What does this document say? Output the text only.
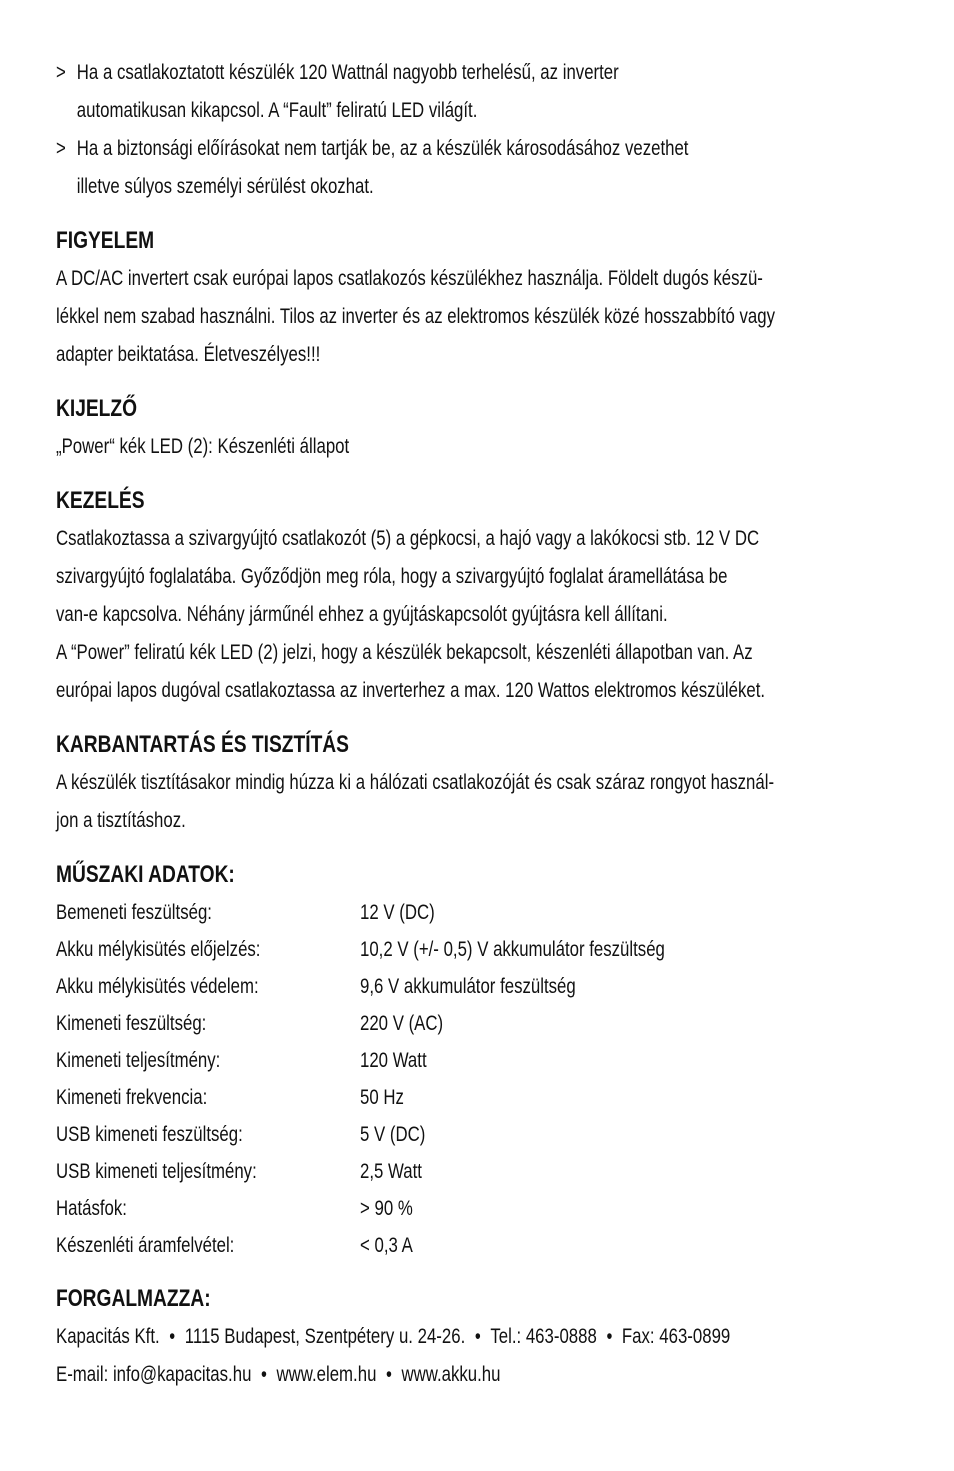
> Ha a csatlakoztatott készülék 120 Wattnál nagyobb terhelésű, az inverter
automatikusan kikapcsol. A “Fault” feliratú LED világít.
> Ha a biztonsági előírásokat nem tartják be, az a készülék károsodásához vezethet
illetve súlyos személyi sérülést okozhat.
FIGYELEM
A DC/AC invertert csak európai lapos csatlakozós készülékhez használja. Földelt dugós készü-
lékkel nem szabad használni. Tilos az inverter és az elektromos készülék közé hosszabbító vagy
adapter beiktatása. Életveszélyes!!!
KIJELZŐ
„Power“ kék LED (2): Készenléti állapot
KEZELÉS
Csatlakoztassa a szivargyújtó csatlakozót (5) a gépkocsi, a hajó vagy a lakókocsi stb. 12 V DC
szivargyújtó foglalatába. Győződjön meg róla, hogy a szivargyújtó foglalat áramellátása be
van-e kapcsolva. Néhány járműnél ehhez a gyújtáskapcsolót gyújtásra kell állítani.
A “Power” feliratú kék LED (2) jelzi, hogy a készülék bekapcsolt, készenléti állapotban van. Az
európai lapos dugóval csatlakoztassa az inverterhez a max. 120 Wattos elektromos készüléket.
KARBANTARTÁS ÉS TISZTÍTÁS
A készülék tisztításakor mindig húzza ki a hálózati csatlakozóját és csak száraz rongyot használ-
jon a tisztításhoz.
MŰSZAKI ADATOK:
Bemeneti feszültség:	12 V (DC)
Akku mélykisütés előjelzés:	10,2 V (+/- 0,5) V akkumulátor feszültség
Akku mélykisütés védelem:	9,6 V akkumulátor feszültség
Kimeneti feszültség:	220 V (AC)
Kimeneti teljesítmény:	120 Watt
Kimeneti frekvencia:	50 Hz
USB kimeneti feszültség:	5 V (DC)
USB kimeneti teljesítmény:	2,5 Watt
Hatásfok:	> 90 %
Készenléti áramfelvétel:	< 0,3 A
FORGALMAZZA:
Kapacitás Kft. • 1115 Budapest, Szentpétery u. 24-26. • Tel.: 463-0888 • Fax: 463-0899
E-mail: info@kapacitas.hu • www.elem.hu • www.akku.hu
